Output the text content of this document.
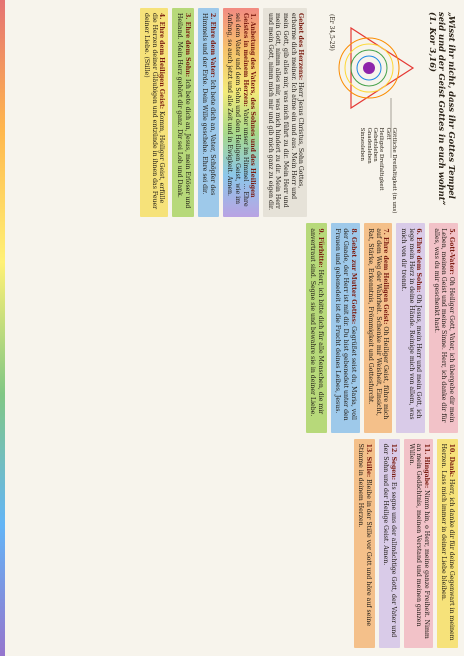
„Wisst ihr nicht, dass ihr Gottes Tempel seid und der Geist Gottes in euch wohnt“ (1. Kor 3,16)
Göttliche Dreifaltigkeit (in uns)
Gott
Heiligste Dreifaltigkeit
Gebetsleben
Gnadenleben
Sinnesleben
(Er 34,5-29)
Gebet des Herzens: Herr Jesus Christus, Sohn Gottes, erbarme dich meiner. Ich atme ein und aus. Mein Herr und mein Gott, gib alles mir, was mich führt zu dir. Mein Herr und mein Gott, nimm alles mir, was mich hindert zu dir. Mein Herr und mein Gott, nimm mich mir und gib mich ganz zu eigen dir.
1. Anbetung des Vaters, des Sohnes und des Heiligen Geistes in meinem Herzen: Vater unser im Himmel ... Ehre sei dem Vater und dem Sohn und dem Heiligen Geist, wie im Anfang, so auch jetzt und alle Zeit und in Ewigkeit. Amen.
2. Ehre dem Vater: Ich bete dich an, Vater, Schöpfer des Himmels und der Erde. Dein Wille geschehe. Ehre sei dir.
3. Ehre dem Sohn: Ich bete dich an, Jesus, mein Erlöser und Heiland. Mein Herz gehört dir ganz. Dir sei Lob und Dank.
4. Ehre dem Heiligen Geist: Komm, Heiliger Geist, erfülle die Herzen deiner Gläubigen und entzünde in ihnen das Feuer deiner Liebe. (Stille)
5. Gott-Vater: Oh Heiliger Gott, Vater, ich übergebe dir mein Leben, meinen Geist und meine Sinne. Herr, ich danke dir für alles, was du mir geschenkt hast.
6. Ehre dem Sohn: Oh Jesus, mein Herr und mein Gott, ich lege mein Herz in deine Hände. Reinige mich von allem, was mich von dir trennt.
7. Ehre dem Heiligen Geist: Oh Heiliger Geist, führe mich auf dem Weg der Wahrheit. Schenke mir Weisheit, Einsicht, Rat, Stärke, Erkenntnis, Frömmigkeit und Gottesfurcht.
8. Gebet zur Mutter Gottes: Gegrüßet seist du, Maria, voll der Gnade, der Herr ist mit dir. Du bist gebenedeit unter den Frauen und gebenedeit ist die Frucht deines Leibes, Jesus.
9. Fürbitte: Herr, ich bitte dich für alle Menschen, die mir anvertraut sind. Segne sie und bewahre sie in deiner Liebe.
10. Dank: Herr, ich danke dir für deine Gegenwart in meinem Herzen. Lass mich immer in deiner Liebe bleiben.
11. Hingabe: Nimm hin, o Herr, meine ganze Freiheit. Nimm an mein Gedächtnis, meinen Verstand und meinen ganzen Willen.
12. Segen: Es segne uns der allmächtige Gott, der Vater und der Sohn und der Heilige Geist. Amen.
13. Stille: Bleibe in der Stille vor Gott und höre auf seine Stimme in deinem Herzen.
